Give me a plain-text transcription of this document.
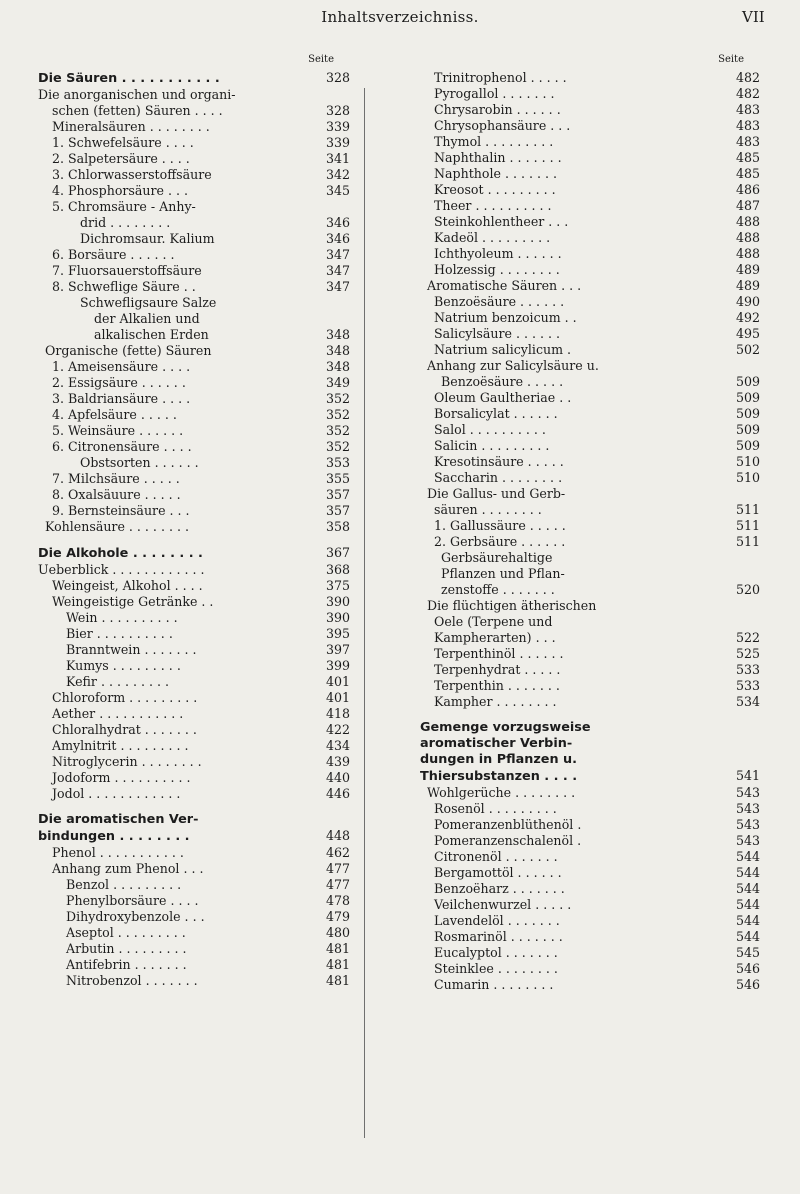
Inhaltsverzeichniss.	VII
Seite
Die Säuren . . . . . . . . . . .	328
Die anorganischen und organi-
schen (fetten) Säuren . . . .	328
Mineralsäuren . . . . . . . .	339
1. Schwefelsäure . . . .	339
2. Salpetersäure . . . .	341
3. Chlorwasserstoffsäure	342
4. Phosphorsäure . . .	345
5. Chromsäure - Anhy-
drid . . . . . . . .	346
Dichromsaur. Kalium	346
6. Borsäure . . . . . .	347
7. Fluorsauerstoffsäure	347
8. Schweflige Säure . .	347
Schwefligsaure Salze
der Alkalien und
alkalischen Erden	348
Organische (fette) Säuren	348
1. Ameisensäure . . . .	348
2. Essigsäure . . . . . .	349
3. Baldriansäure . . . .	352
4. Apfelsäure . . . . .	352
5. Weinsäure . . . . . .	352
6. Citronensäure . . . .	352
Obstsorten . . . . . .	353
7. Milchsäure . . . . .	355
8. Oxalsäuure . . . . .	357
9. Bernsteinsäure . . .	357
Kohlensäure . . . . . . . .	358
Die Alkohole . . . . . . . .	367
Ueberblick . . . . . . . . . . . .	368
Weingeist, Alkohol . . . .	375
Weingeistige Getränke . .	390
Wein . . . . . . . . . .	390
Bier . . . . . . . . . .	395
Branntwein . . . . . . .	397
Kumys . . . . . . . . .	399
Kefir . . . . . . . . .	401
Chloroform . . . . . . . . .	401
Aether . . . . . . . . . . .	418
Chloralhydrat . . . . . . .	422
Amylnitrit . . . . . . . . .	434
Nitroglycerin . . . . . . . .	439
Jodoform . . . . . . . . . .	440
Jodol . . . . . . . . . . . .	446
Die aromatischen Ver-
bindungen . . . . . . . .	448
Phenol . . . . . . . . . . .	462
Anhang zum Phenol . . .	477
Benzol . . . . . . . . .	477
Phenylborsäure . . . .	478
Dihydroxybenzole . . .	479
Aseptol . . . . . . . . .	480
Arbutin . . . . . . . . .	481
Antifebrin . . . . . . .	481
Nitrobenzol . . . . . . .	481
Seite
Trinitrophenol . . . . .	482
Pyrogallol . . . . . . .	482
Chrysarobin . . . . . .	483
Chrysophansäure . . .	483
Thymol . . . . . . . . .	483
Naphthalin . . . . . . .	485
Naphthole . . . . . . .	485
Kreosot . . . . . . . . .	486
Theer . . . . . . . . . .	487
Steinkohlentheer . . .	488
Kadeöl . . . . . . . . .	488
Ichthyoleum . . . . . .	488
Holzessig . . . . . . . .	489
Aromatische Säuren . . .	489
Benzoësäure . . . . . .	490
Natrium benzoicum . .	492
Salicylsäure . . . . . .	495
Natrium salicylicum .	502
Anhang zur Salicylsäure u.
Benzoësäure . . . . .	509
Oleum Gaultheriae . .	509
Borsalicylat . . . . . .	509
Salol . . . . . . . . . .	509
Salicin . . . . . . . . .	509
Kresotinsäure . . . . .	510
Saccharin . . . . . . . .	510
Die Gallus- und Gerb-
säuren . . . . . . . .	511
1. Gallussäure . . . . .	511
2. Gerbsäure . . . . . .	511
Gerbsäurehaltige
Pflanzen und Pflan-
zenstoffe . . . . . . .	520
Die flüchtigen ätherischen
Oele (Terpene und
Kampherarten) . . .	522
Terpenthinöl . . . . . .	525
Terpenhydrat . . . . .	533
Terpenthin . . . . . . .	533
Kampher . . . . . . . .	534
Gemenge vorzugsweise
aromatischer Verbin-
dungen in Pflanzen u.
Thiersubstanzen . . . .	541
Wohlgerüche . . . . . . . .	543
Rosenöl . . . . . . . . .	543
Pomeranzenblüthenöl .	543
Pomeranzenschalenöl .	543
Citronenöl . . . . . . .	544
Bergamottöl . . . . . .	544
Benzoëharz . . . . . . .	544
Veilchenwurzel . . . . .	544
Lavendelöl . . . . . . .	544
Rosmarinöl . . . . . . .	544
Eucalyptol . . . . . . .	545
Steinklee . . . . . . . .	546
Cumarin . . . . . . . .	546
